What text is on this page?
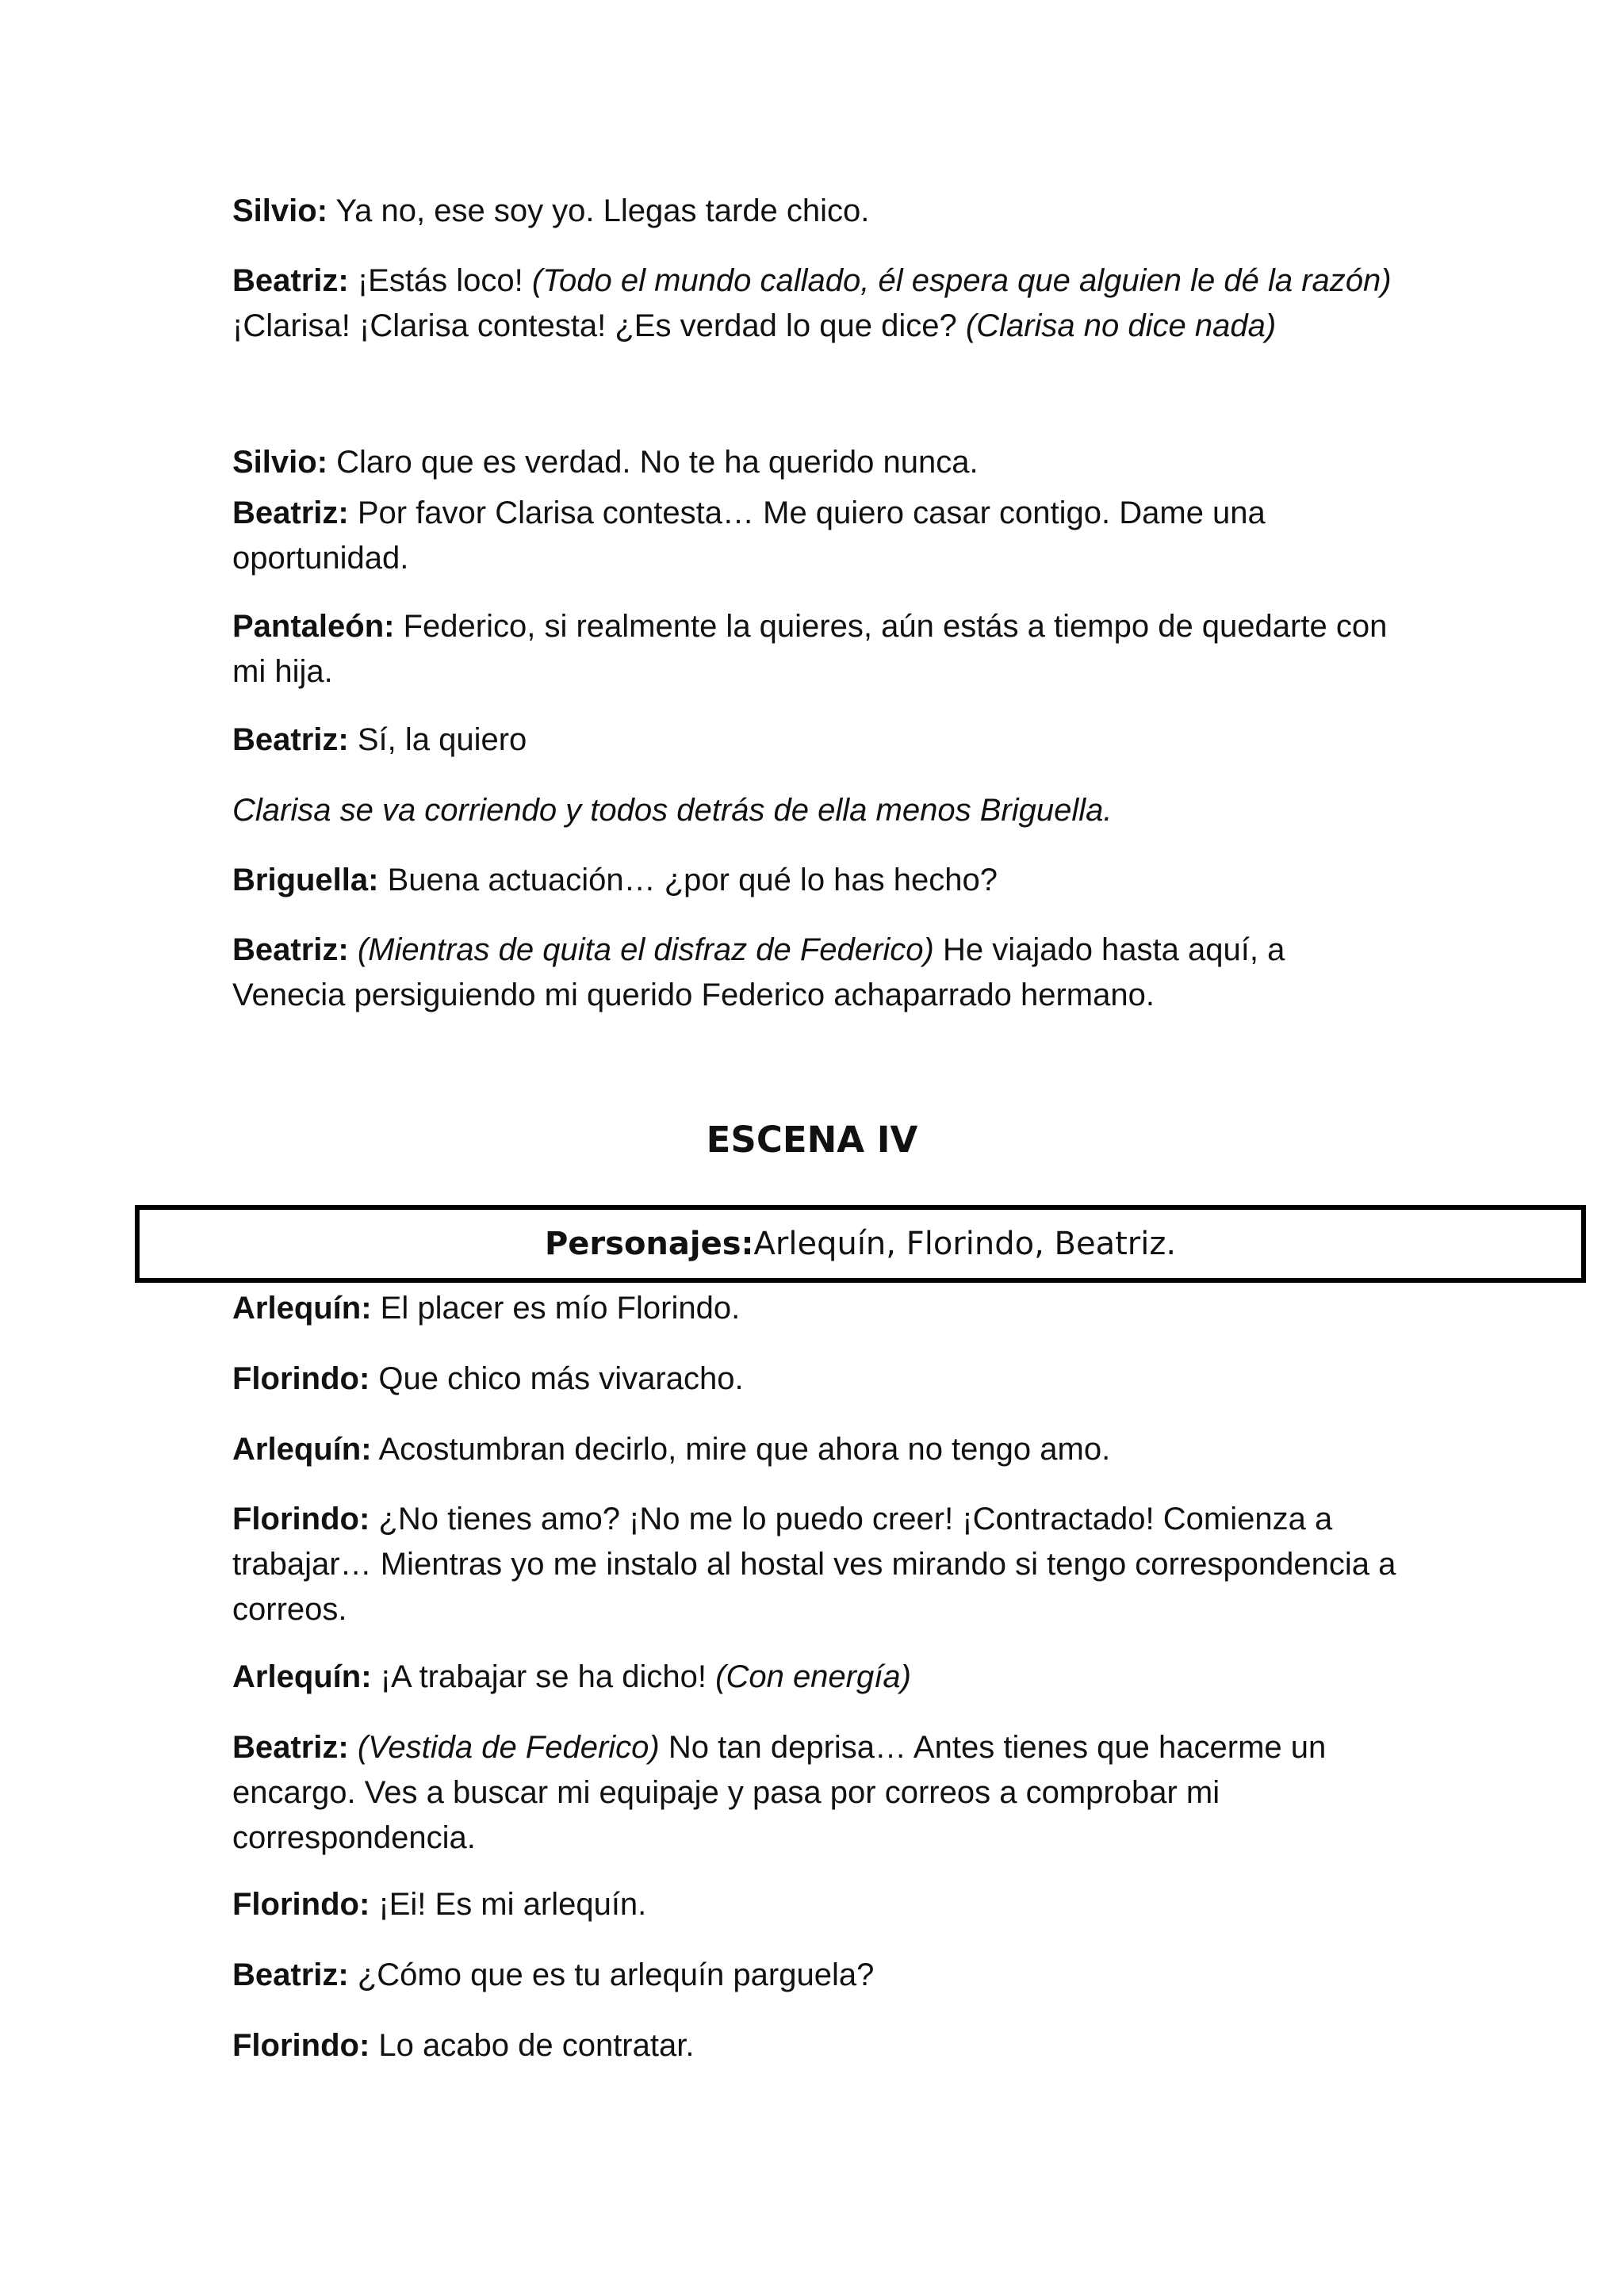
Silvio: Ya no, ese soy yo. Llegas tarde chico.

Beatriz: ¡Estás loco! (Todo el mundo callado, él espera que alguien le dé la razón) ¡Clarisa! ¡Clarisa contesta! ¿Es verdad lo que dice? (Clarisa no dice nada)

Silvio: Claro que es verdad. No te ha querido nunca.

Beatriz: Por favor Clarisa contesta… Me quiero casar contigo. Dame una oportunidad.

Pantaleón: Federico, si realmente la quieres, aún estás a tiempo de quedarte con mi hija.

Beatriz: Sí, la quiero

Clarisa se va corriendo y todos detrás de ella menos Briguella.

Briguella: Buena actuación… ¿por qué lo has hecho?

Beatriz: (Mientras de quita el disfraz de Federico) He viajado hasta aquí, a Venecia persiguiendo mi querido Federico achaparrado hermano.

ESCENA IV
Personajes: Arlequín, Florindo, Beatriz.

Arlequín: El placer es mío Florindo.

Florindo: Que chico más vivaracho.

Arlequín: Acostumbran decirlo, mire que ahora no tengo amo.

Florindo: ¿No tienes amo? ¡No me lo puedo creer! ¡Contractado! Comienza a trabajar… Mientras yo me instalo al hostal ves mirando si tengo correspondencia a correos.

Arlequín: ¡A trabajar se ha dicho! (Con energía)

Beatriz: (Vestida de Federico) No tan deprisa… Antes tienes que hacerme un encargo. Ves a buscar mi equipaje y pasa por correos a comprobar mi correspondencia.

Florindo: ¡Ei! Es mi arlequín.

Beatriz: ¿Cómo que es tu arlequín parguela?

Florindo: Lo acabo de contratar.
